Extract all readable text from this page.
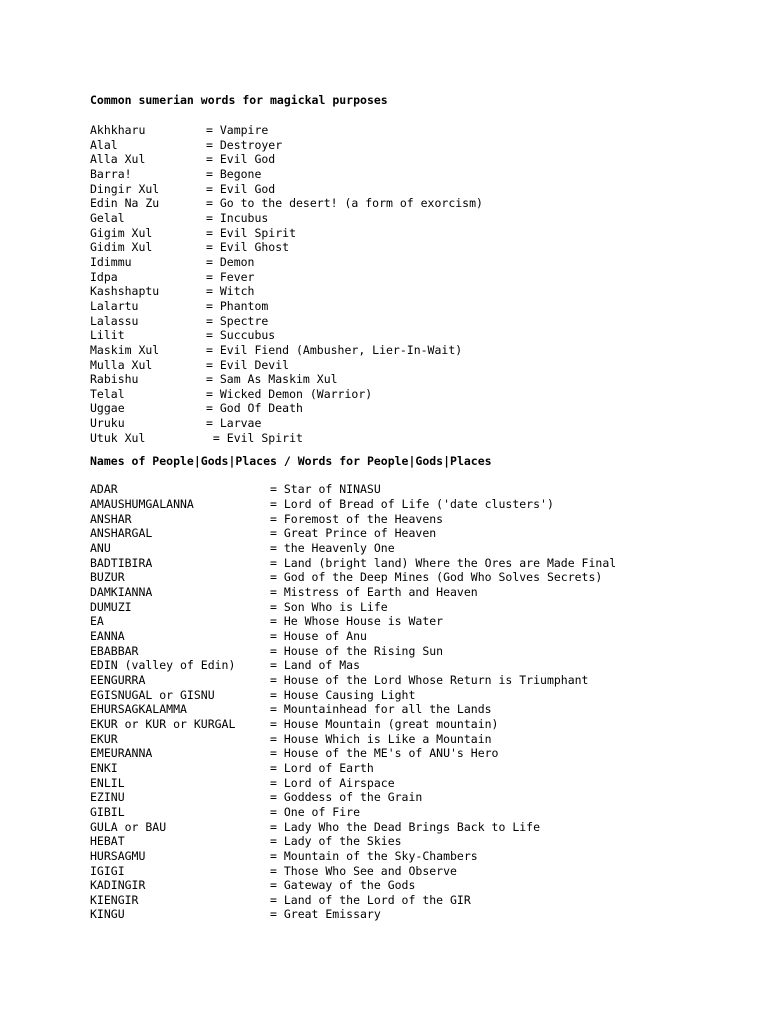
Common sumerian words for magickal purposes
Akhkharu	= Vampire
Alal	= Destroyer
Alla Xul	= Evil God
Barra!	= Begone
Dingir Xul	= Evil God
Edin Na Zu	= Go to the desert! (a form of exorcism)
Gelal	= Incubus
Gigim Xul	= Evil Spirit
Gidim Xul	= Evil Ghost
Idimmu	= Demon
Idpa	= Fever
Kashshaptu	= Witch
Lalartu	= Phantom
Lalassu	= Spectre
Lilit	= Succubus
Maskim Xul	= Evil Fiend (Ambusher, Lier-In-Wait)
Mulla Xul	= Evil Devil
Rabishu	= Sam As Maskim Xul
Telal	= Wicked Demon (Warrior)
Uggae	= God Of Death
Uruku	= Larvae
Utuk Xul	= Evil Spirit
Names of People|Gods|Places / Words for People|Gods|Places
ADAR	= Star of NINASU
AMAUSHUMGALANNA	= Lord of Bread of Life ('date clusters')
ANSHAR	= Foremost of the Heavens
ANSHARGAL	= Great Prince of Heaven
ANU	= the Heavenly One
BADTIBIRA	= Land (bright land) Where the Ores are Made Final
BUZUR	= God of the Deep Mines (God Who Solves Secrets)
DAMKIANNA	= Mistress of Earth and Heaven
DUMUZI	= Son Who is Life
EA	= He Whose House is Water
EANNA	= House of Anu
EBABBAR	= House of the Rising Sun
EDIN (valley of Edin)	= Land of Mas
EENGURRA	= House of the Lord Whose Return is Triumphant
EGISNUGAL or GISNU	= House Causing Light
EHURSAGKALAMMA	= Mountainhead for all the Lands
EKUR or KUR or KURGAL	= House Mountain (great mountain)
EKUR	= House Which is Like a Mountain
EMEURANNA	= House of the ME's of ANU's Hero
ENKI	= Lord of Earth
ENLIL	= Lord of Airspace
EZINU	= Goddess of the Grain
GIBIL	= One of Fire
GULA or BAU	= Lady Who the Dead Brings Back to Life
HEBAT	= Lady of the Skies
HURSAGMU	= Mountain of the Sky-Chambers
IGIGI	= Those Who See and Observe
KADINGIR	= Gateway of the Gods
KIENGIR	= Land of the Lord of the GIR
KINGU	= Great Emissary
